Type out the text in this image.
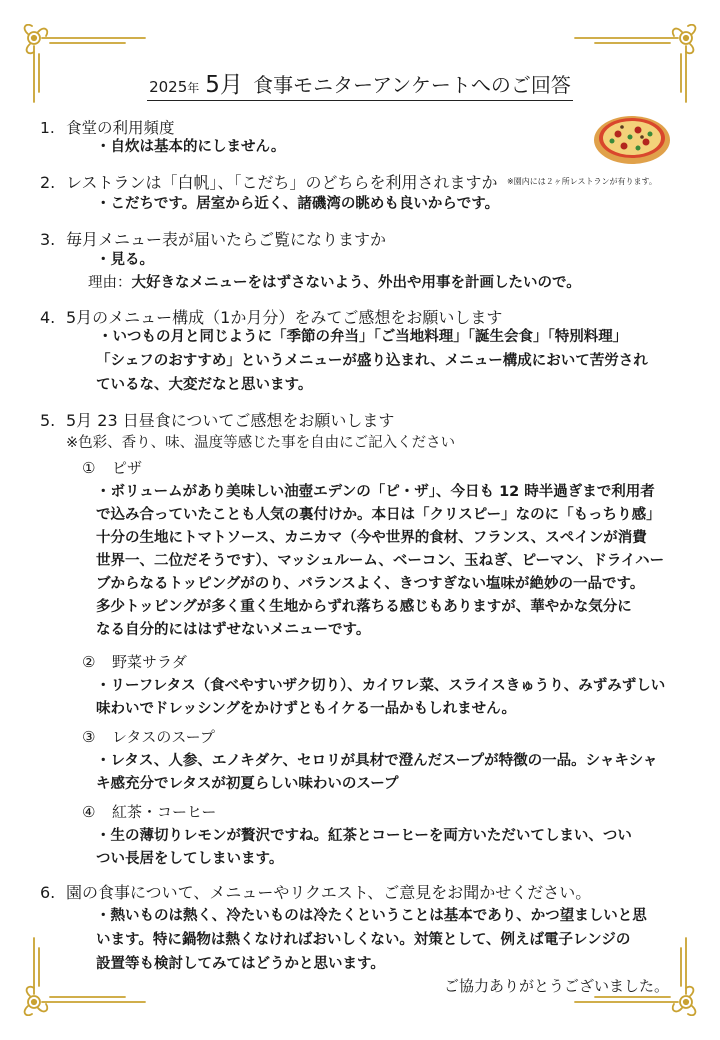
2025年 5月 食事モニターアンケートへのご回答
1. 食堂の利用頻度
・自炊は基本的にしません。
2. レストランは「白帆」、「こだち」のどちらを利用されますか ※園内には２ヶ所レストランが有ります。
・こだちです。居室から近く、諸磯湾の眺めも良いからです。
3. 毎月メニュー表が届いたらご覧になりますか
・見る。
理由：大好きなメニューをはずさないよう、外出や用事を計画したいので。
4. 5月のメニュー構成（1か月分）をみてご感想をお願いします
・いつもの月と同じように「季節の弁当」「ご当地料理」「誕生会食」「特別料理」
「シェフのおすすめ」というメニューが盛り込まれ、メニュー構成において苦労され
ているな、大変だなと思います。
5. 5月 23 日昼食についてご感想をお願いします
※色彩、香り、味、温度等感じた事を自由にご記入ください
① ピザ
・ボリュームがあり美味しい油壺エデンの「ピ・ザ」、今日も 12 時半過ぎまで利用者
で込み合っていたことも人気の裏付けか。本日は「クリスピー」なのに「もっちり感」
十分の生地にトマトソース、カニカマ（今や世界的食材、フランス、スペインが消費
世界一、二位だそうです）、マッシュルーム、ベーコン、玉ねぎ、ピーマン、ドライハー
ブからなるトッピングがのり、バランスよく、きつすぎない塩味が絶妙の一品です。
多少トッピングが多く重く生地からずれ落ちる感じもありますが、華やかな気分に
なる自分的にははずせないメニューです。
② 野菜サラダ
・リーフレタス（食べやすいザク切り）、カイワレ菜、スライスきゅうり、みずみずしい
味わいでドレッシングをかけずともイケる一品かもしれません。
③ レタスのスープ
・レタス、人参、エノキダケ、セロリが具材で澄んだスープが特徴の一品。シャキシャ
キ感充分でレタスが初夏らしい味わいのスープ
④ 紅茶・コーヒー
・生の薄切りレモンが贅沢ですね。紅茶とコーヒーを両方いただいてしまい、つい
つい長居をしてしまいます。
6. 園の食事について、メニューやリクエスト、ご意見をお聞かせください。
・熱いものは熱く、冷たいものは冷たくということは基本であり、かつ望ましいと思
います。特に鍋物は熱くなければおいしくない。対策として、例えば電子レンジの
設置等も検討してみてはどうかと思います。
ご協力ありがとうございました。
